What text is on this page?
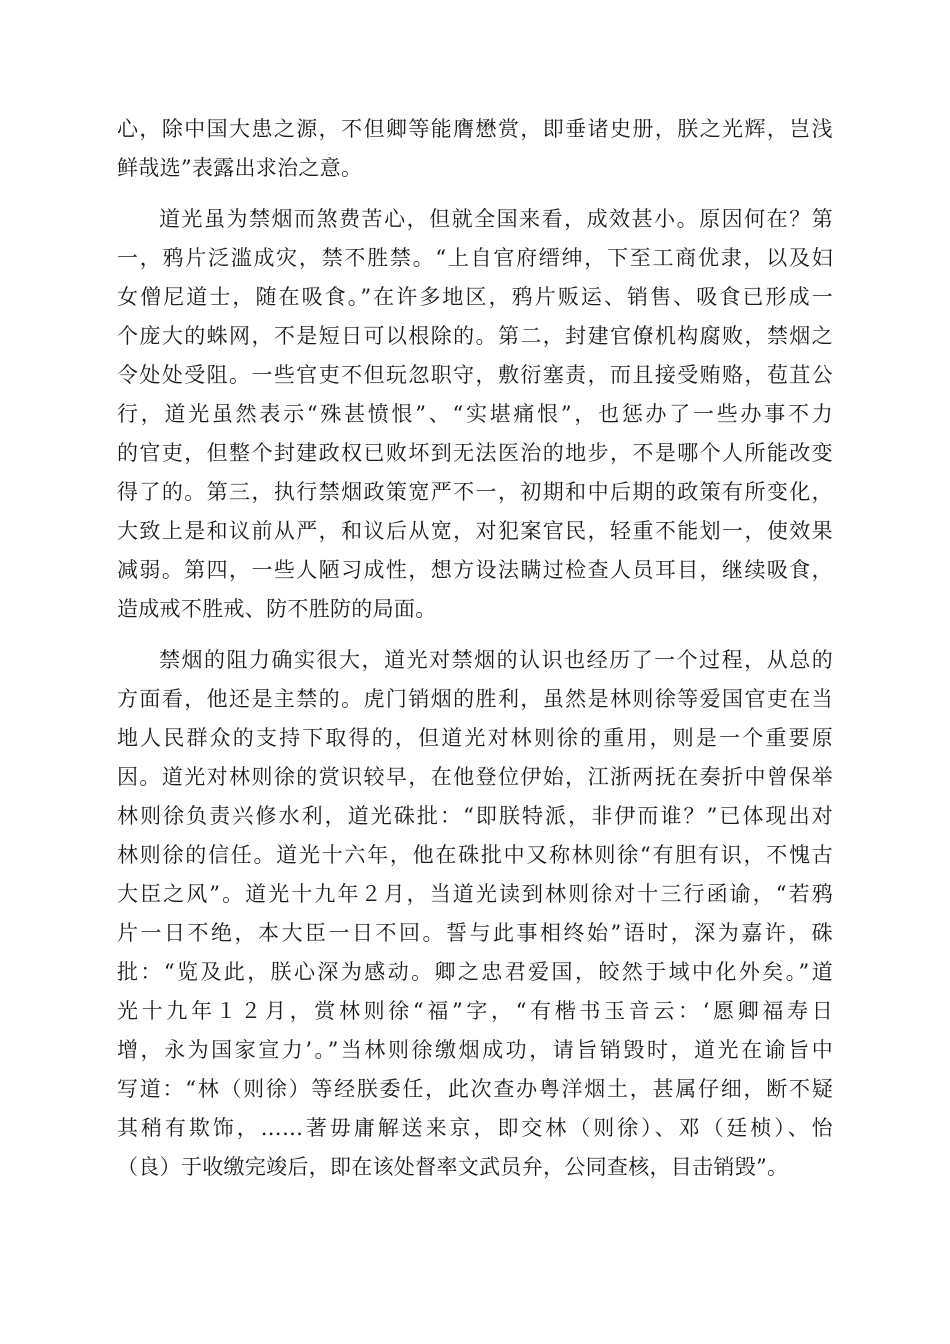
心，除中国大患之源，不但卿等能膺懋赏，即垂诸史册，朕之光辉，岂浅
鲜哉选”表露出求治之意。
道光虽为禁烟而煞费苦心，但就全国来看，成效甚小。原因何在？第
一，鸦片泛滥成灾，禁不胜禁。“上自官府缙绅，下至工商优隶，以及妇
女僧尼道士，随在吸食。”在许多地区，鸦片贩运、销售、吸食已形成一
个庞大的蛛网，不是短日可以根除的。第二，封建官僚机构腐败，禁烟之
令处处受阻。一些官吏不但玩忽职守，敷衍塞责，而且接受贿赂，苞苴公
行，道光虽然表示“殊甚愤恨”、“实堪痛恨”，也惩办了一些办事不力
的官吏，但整个封建政权已败坏到无法医治的地步，不是哪个人所能改变
得了的。第三，执行禁烟政策宽严不一，初期和中后期的政策有所变化，
大致上是和议前从严，和议后从宽，对犯案官民，轻重不能划一，使效果
减弱。第四，一些人陋习成性，想方设法瞒过检查人员耳目，继续吸食，
造成戒不胜戒、防不胜防的局面。
禁烟的阻力确实很大，道光对禁烟的认识也经历了一个过程，从总的
方面看，他还是主禁的。虎门销烟的胜利，虽然是林则徐等爱国官吏在当
地人民群众的支持下取得的，但道光对林则徐的重用，则是一个重要原
因。道光对林则徐的赏识较早，在他登位伊始，江浙两抚在奏折中曾保举
林则徐负责兴修水利，道光硃批：“即朕特派，非伊而谁？”已体现出对
林则徐的信任。道光十六年，他在硃批中又称林则徐“有胆有识，不愧古
大臣之风”。道光十九年２月，当道光读到林则徐对十三行函谕，“若鸦
片一日不绝，本大臣一日不回。誓与此事相终始”语时，深为嘉许，硃
批：“览及此，朕心深为感动。卿之忠君爱国，皎然于域中化外矣。”道
光十九年１２月，赏林则徐“福”字，“有楷书玉音云：‘愿卿福寿日
增，永为国家宣力’。”当林则徐缴烟成功，请旨销毁时，道光在谕旨中
写道：“林（则徐）等经朕委任，此次查办粤洋烟土，甚属仔细，断不疑
其稍有欺饰，……著毋庸解送来京，即交林（则徐）、邓（廷桢）、怡
（良）于收缴完竣后，即在该处督率文武员弁，公同查核，目击销毁”。
